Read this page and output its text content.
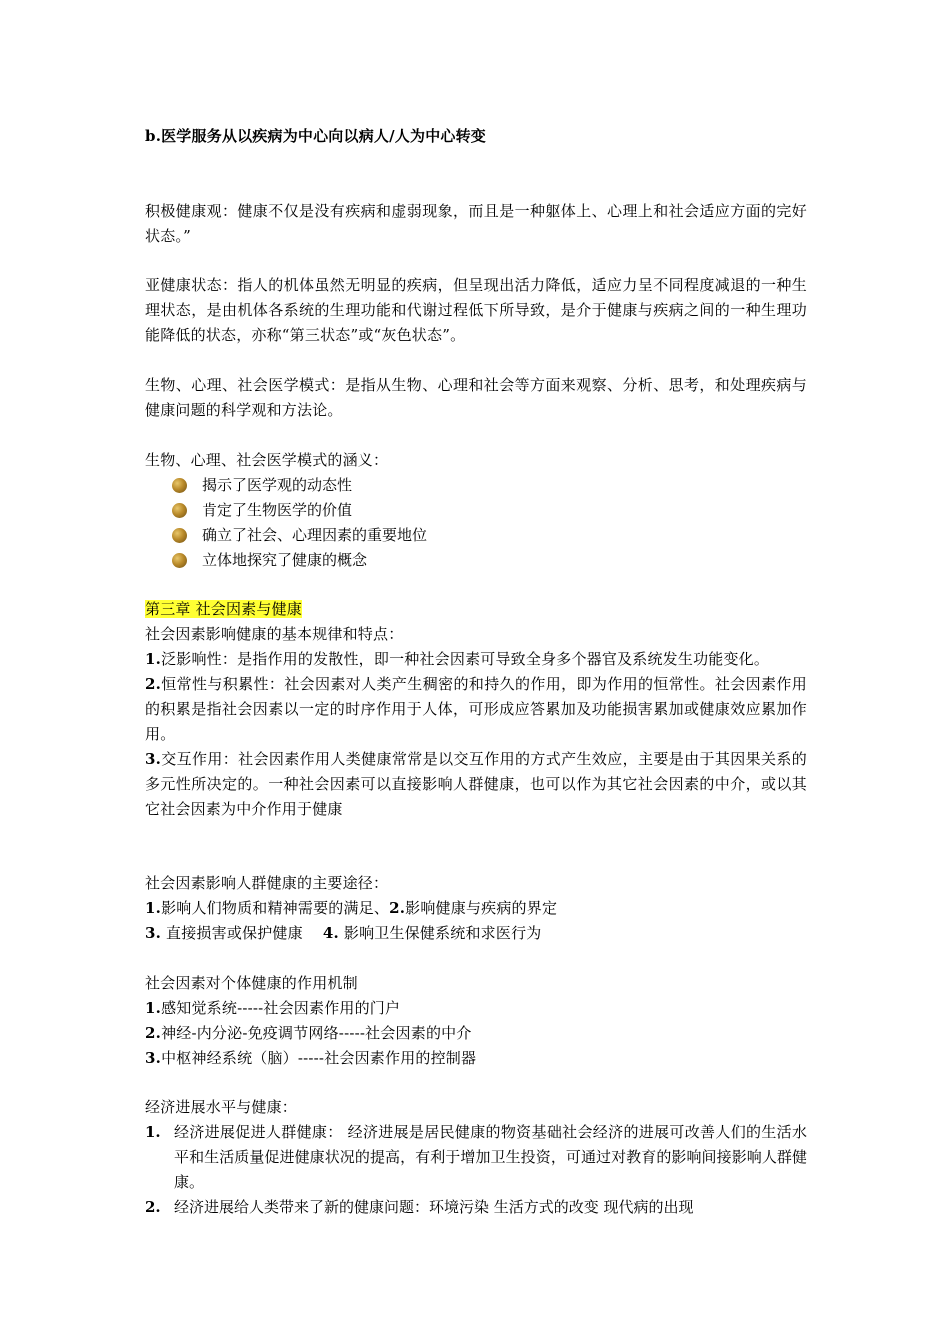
b.医学服务从以疾病为中心向以病人/人为中心转变
积极健康观：健康不仅是没有疾病和虚弱现象，而且是一种躯体上、心理上和社会适应方面的完好状态。”
亚健康状态：指人的机体虽然无明显的疾病，但呈现出活力降低，适应力呈不同程度减退的一种生理状态，是由机体各系统的生理功能和代谢过程低下所导致，是介于健康与疾病之间的一种生理功能降低的状态，亦称“第三状态”或“灰色状态”。
生物、心理、社会医学模式：是指从生物、心理和社会等方面来观察、分析、思考，和处理疾病与健康问题的科学观和方法论。
生物、心理、社会医学模式的涵义：
揭示了医学观的动态性
肯定了生物医学的价值
确立了社会、心理因素的重要地位
立体地探究了健康的概念
第三章 社会因素与健康
社会因素影响健康的基本规律和特点：
1.泛影响性：是指作用的发散性，即一种社会因素可导致全身多个器官及系统发生功能变化。
2.恒常性与积累性：社会因素对人类产生稠密的和持久的作用，即为作用的恒常性。社会因素作用的积累是指社会因素以一定的时序作用于人体，可形成应答累加及功能损害累加或健康效应累加作用。
3.交互作用：社会因素作用人类健康常常是以交互作用的方式产生效应，主要是由于其因果关系的多元性所决定的。一种社会因素可以直接影响人群健康，也可以作为其它社会因素的中介，或以其它社会因素为中介作用于健康
社会因素影响人群健康的主要途径：
1.影响人们物质和精神需要的满足、2.影响健康与疾病的界定
3. 直接损害或保护健康 4. 影响卫生保健系统和求医行为
社会因素对个体健康的作用机制
1.感知觉系统-----社会因素作用的门户
2.神经-内分泌-免疫调节网络-----社会因素的中介
3.中枢神经系统（脑）-----社会因素作用的控制器
经济进展水平与健康：
1. 经济进展促进人群健康： 经济进展是居民健康的物资基础社会经济的进展可改善人们的生活水平和生活质量促进健康状况的提高，有利于增加卫生投资，可通过对教育的影响间接影响人群健康。
2. 经济进展给人类带来了新的健康问题：环境污染 生活方式的改变 现代病的出现
